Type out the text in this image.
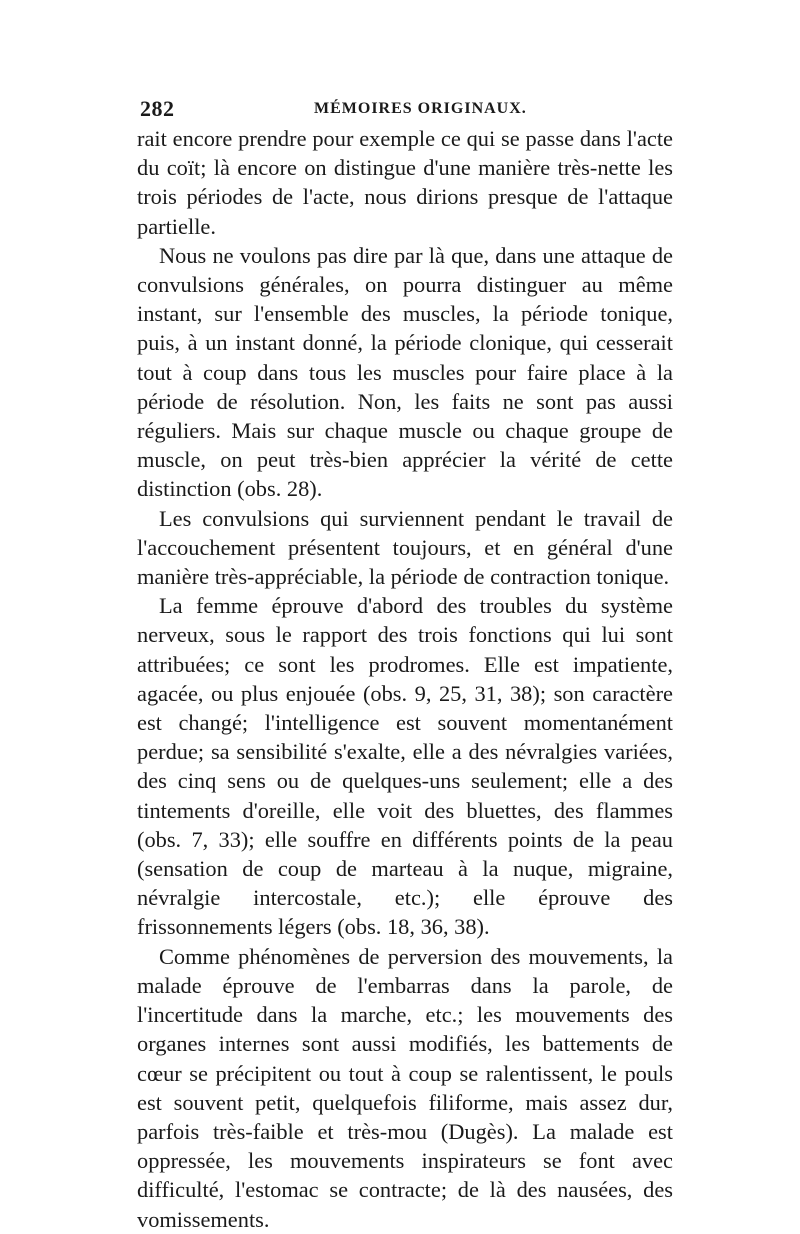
282	MÉMOIRES ORIGINAUX.

rait encore prendre pour exemple ce qui se passe dans l'acte du coït; là encore on distingue d'une manière très-nette les trois périodes de l'acte, nous dirions presque de l'attaque partielle.

Nous ne voulons pas dire par là que, dans une attaque de convulsions générales, on pourra distinguer au même instant, sur l'ensemble des muscles, la période tonique, puis, à un instant donné, la période clonique, qui cesserait tout à coup dans tous les muscles pour faire place à la période de résolution. Non, les faits ne sont pas aussi réguliers. Mais sur chaque muscle ou chaque groupe de muscle, on peut très-bien apprécier la vérité de cette distinction (obs. 28).

Les convulsions qui surviennent pendant le travail de l'accouchement présentent toujours, et en général d'une manière très-appréciable, la période de contraction tonique.

La femme éprouve d'abord des troubles du système nerveux, sous le rapport des trois fonctions qui lui sont attribuées; ce sont les prodromes. Elle est impatiente, agacée, ou plus enjouée (obs. 9, 25, 31, 38); son caractère est changé; l'intelligence est souvent momentanément perdue; sa sensibilité s'exalte, elle a des névralgies variées, des cinq sens ou de quelques-uns seulement; elle a des tintements d'oreille, elle voit des bluettes, des flammes (obs. 7, 33); elle souffre en différents points de la peau (sensation de coup de marteau à la nuque, migraine, névralgie intercostale, etc.); elle éprouve des frissonnements légers (obs. 18, 36, 38).

Comme phénomènes de perversion des mouvements, la malade éprouve de l'embarras dans la parole, de l'incertitude dans la marche, etc.; les mouvements des organes internes sont aussi modifiés, les battements de cœur se précipitent ou tout à coup se ralentissent, le pouls est souvent petit, quelquefois filiforme, mais assez dur, parfois très-faible et très-mou (Dugès). La malade est oppressée, les mouvements inspirateurs se font avec difficulté, l'estomac se contracte; de là des nausées, des vomissements.
